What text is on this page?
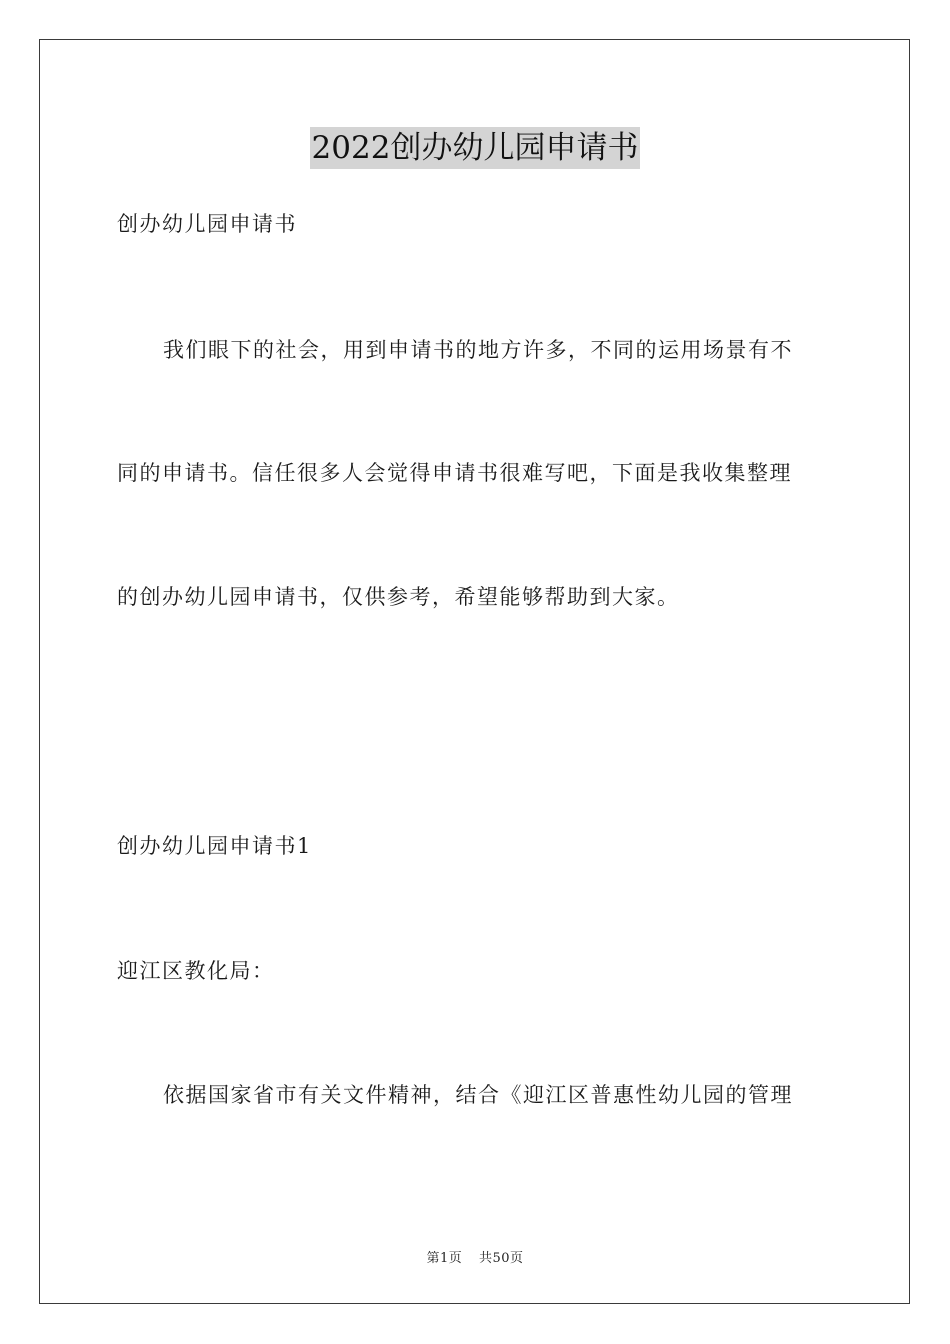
2022创办幼儿园申请书
创办幼儿园申请书
我们眼下的社会，用到申请书的地方许多，不同的运用场景有不
同的申请书。信任很多人会觉得申请书很难写吧，下面是我收集整理
的创办幼儿园申请书，仅供参考，希望能够帮助到大家。
创办幼儿园申请书1
迎江区教化局：
依据国家省市有关文件精神，结合《迎江区普惠性幼儿园的管理
第1页 共50页
